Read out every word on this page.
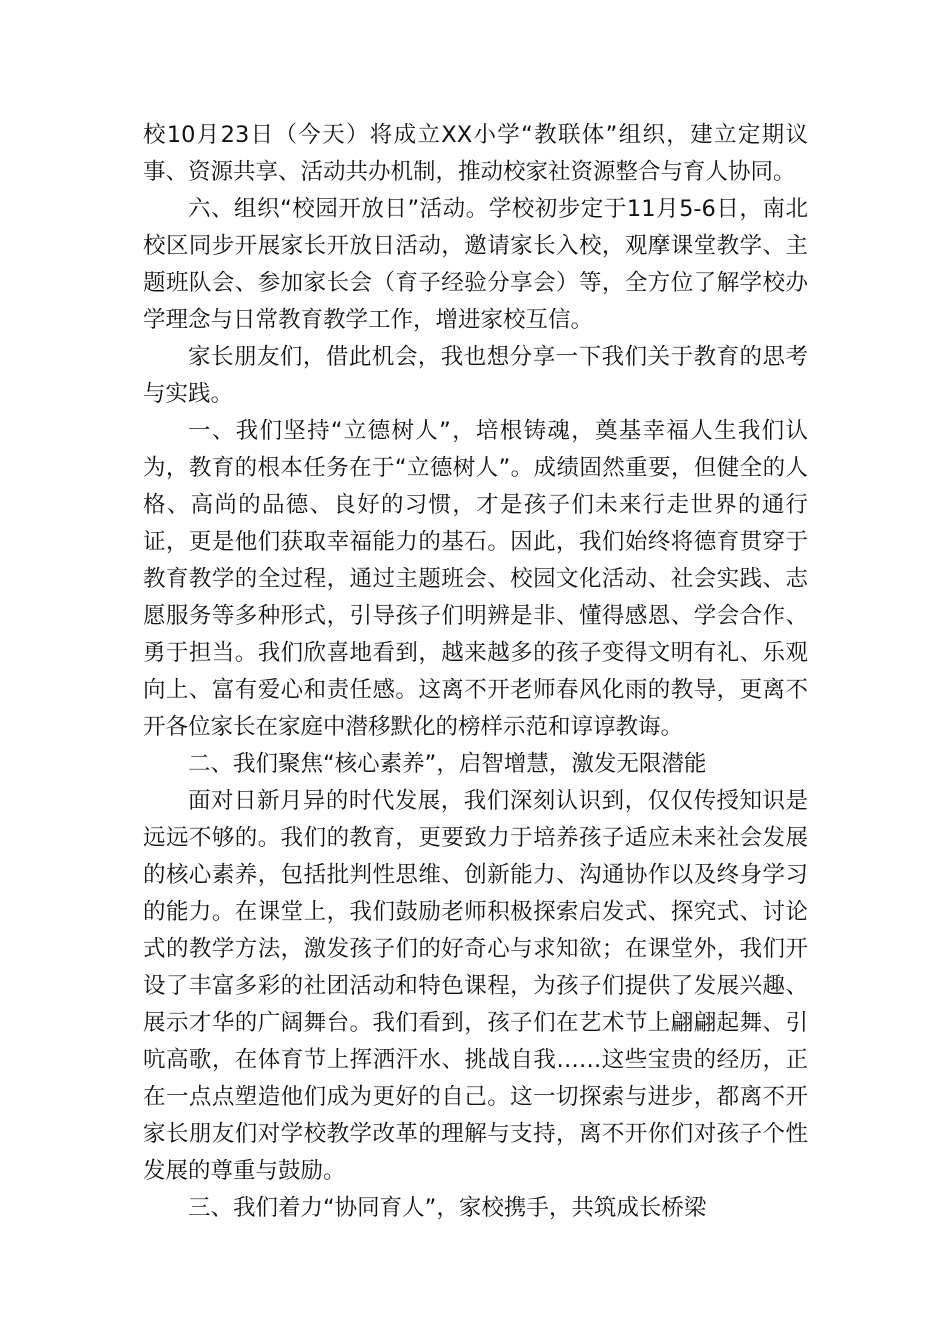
校10月23日（今天）将成立XX小学“教联体”组织，建立定期议事、资源共享、活动共办机制，推动校家社资源整合与育人协同。

六、组织“校园开放日”活动。学校初步定于11月5-6日，南北校区同步开展家长开放日活动，邀请家长入校，观摩课堂教学、主题班队会、参加家长会（育子经验分享会）等，全方位了解学校办学理念与日常教育教学工作，增进家校互信。

家长朋友们，借此机会，我也想分享一下我们关于教育的思考与实践。

一、我们坚持“立德树人”，培根铸魂，奠基幸福人生我们认为，教育的根本任务在于“立德树人”。成绩固然重要，但健全的人格、高尚的品德、良好的习惯，才是孩子们未来行走世界的通行证，更是他们获取幸福能力的基石。因此，我们始终将德育贯穿于教育教学的全过程，通过主题班会、校园文化活动、社会实践、志愿服务等多种形式，引导孩子们明辨是非、懂得感恩、学会合作、勇于担当。我们欣喜地看到，越来越多的孩子变得文明有礼、乐观向上、富有爱心和责任感。这离不开老师春风化雨的教导，更离不开各位家长在家庭中潜移默化的榜样示范和谆谆教诲。

二、我们聚焦“核心素养”，启智增慧，激发无限潜能

面对日新月异的时代发展，我们深刻认识到，仅仅传授知识是远远不够的。我们的教育，更要致力于培养孩子适应未来社会发展的核心素养，包括批判性思维、创新能力、沟通协作以及终身学习的能力。在课堂上，我们鼓励老师积极探索启发式、探究式、讨论式的教学方法，激发孩子们的好奇心与求知欲；在课堂外，我们开设了丰富多彩的社团活动和特色课程，为孩子们提供了发展兴趣、展示才华的广阔舞台。我们看到，孩子们在艺术节上翩翩起舞、引吭高歌，在体育节上挥洒汗水、挑战自我……这些宝贵的经历，正在一点点塑造他们成为更好的自己。这一切探索与进步，都离不开家长朋友们对学校教学改革的理解与支持，离不开你们对孩子个性发展的尊重与鼓励。

三、我们着力“协同育人”，家校携手，共筑成长桥梁
